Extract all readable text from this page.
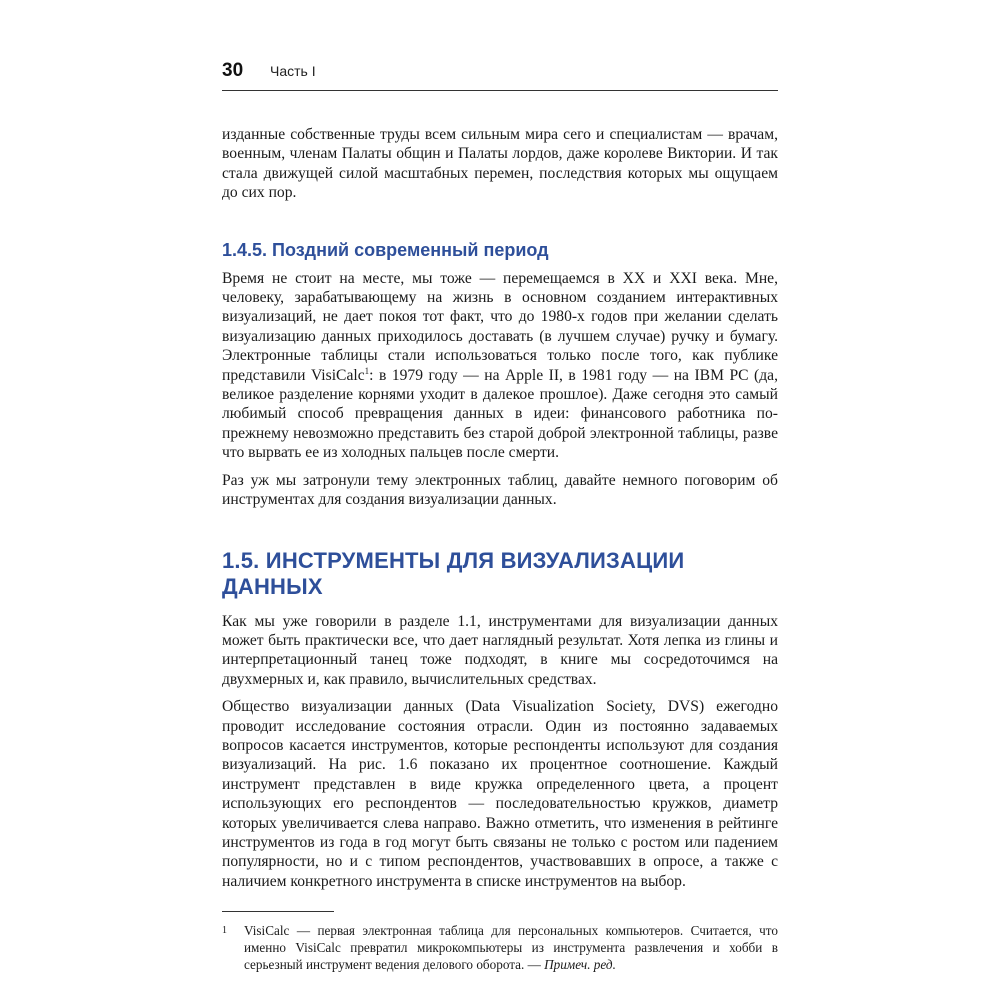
30	Часть I

изданные собственные труды всем сильным мира сего и специалистам — врачам, военным, членам Палаты общин и Палаты лордов, даже королеве Виктории. И так стала движущей силой масштабных перемен, последствия которых мы ощущаем до сих пор.

1.4.5. Поздний современный период

Время не стоит на месте, мы тоже — перемещаемся в XX и XXI века. Мне, человеку, зарабатывающему на жизнь в основном созданием интерактивных визуализаций, не дает покоя тот факт, что до 1980-х годов при желании сделать визуализацию данных приходилось доставать (в лучшем случае) ручку и бумагу. Электронные таблицы стали использоваться только после того, как публике представили VisiCalc$^1$: в 1979 году — на Apple II, в 1981 году — на IBM PC (да, великое разделение корнями уходит в далекое прошлое). Даже сегодня это самый любимый способ превращения данных в идеи: финансового работника по-прежнему невозможно представить без старой доброй электронной таблицы, разве что вырвать ее из холодных пальцев после смерти.

Раз уж мы затронули тему электронных таблиц, давайте немного поговорим об инструментах для создания визуализации данных.

1.5. ИНСТРУМЕНТЫ ДЛЯ ВИЗУАЛИЗАЦИИ ДАННЫХ

Как мы уже говорили в разделе 1.1, инструментами для визуализации данных может быть практически все, что дает наглядный результат. Хотя лепка из глины и интерпретационный танец тоже подходят, в книге мы сосредоточимся на двухмерных и, как правило, вычислительных средствах.

Общество визуализации данных (Data Visualization Society, DVS) ежегодно проводит исследование состояния отрасли. Один из постоянно задаваемых вопросов касается инструментов, которые респонденты используют для создания визуализаций. На рис. 1.6 показано их процентное соотношение. Каждый инструмент представлен в виде кружка определенного цвета, а процент использующих его респондентов — последовательностью кружков, диаметр которых увеличивается слева направо. Важно отметить, что изменения в рейтинге инструментов из года в год могут быть связаны не только с ростом или падением популярности, но и с типом респондентов, участвовавших в опросе, а также с наличием конкретного инструмента в списке инструментов на выбор.

1	VisiCalc — первая электронная таблица для персональных компьютеров. Считается, что именно VisiCalc превратил микрокомпьютеры из инструмента развлечения и хобби в серьезный инструмент ведения делового оборота. — Примеч. ред.
